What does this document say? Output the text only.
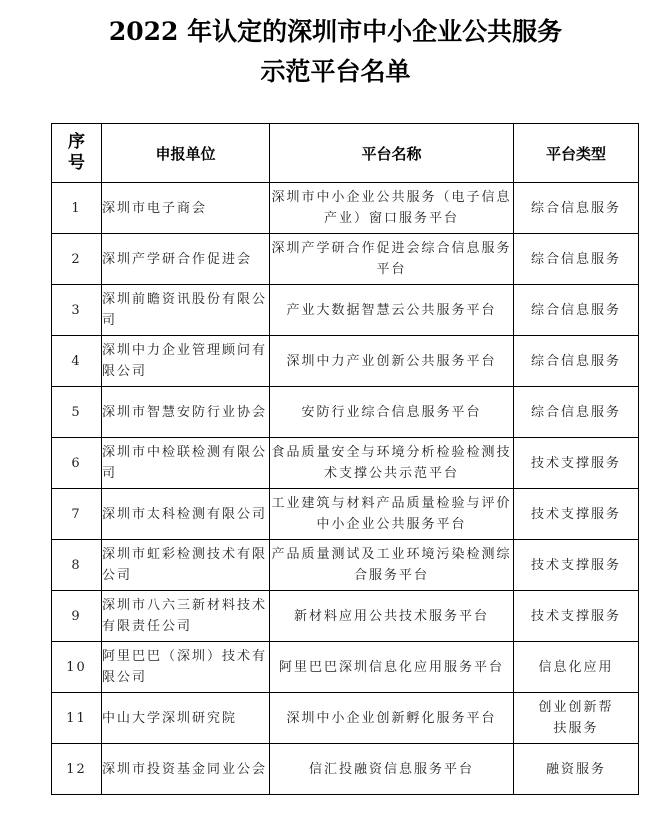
2022 年认定的深圳市中小企业公共服务
示范平台名单
序号	申报单位	平台名称	平台类型
1	深圳市电子商会	深圳市中小企业公共服务（电子信息产业）窗口服务平台	综合信息服务
2	深圳产学研合作促进会	深圳产学研合作促进会综合信息服务平台	综合信息服务
3	深圳前瞻资讯股份有限公司	产业大数据智慧云公共服务平台	综合信息服务
4	深圳中力企业管理顾问有限公司	深圳中力产业创新公共服务平台	综合信息服务
5	深圳市智慧安防行业协会	安防行业综合信息服务平台	综合信息服务
6	深圳市中检联检测有限公司	食品质量安全与环境分析检验检测技术支撑公共示范平台	技术支撑服务
7	深圳市太科检测有限公司	工业建筑与材料产品质量检验与评价中小企业公共服务平台	技术支撑服务
8	深圳市虹彩检测技术有限公司	产品质量测试及工业环境污染检测综合服务平台	技术支撑服务
9	深圳市八六三新材料技术有限责任公司	新材料应用公共技术服务平台	技术支撑服务
10	阿里巴巴（深圳）技术有限公司	阿里巴巴深圳信息化应用服务平台	信息化应用
11	中山大学深圳研究院	深圳中小企业创新孵化服务平台	创业创新帮扶服务
12	深圳市投资基金同业公会	信汇投融资信息服务平台	融资服务
